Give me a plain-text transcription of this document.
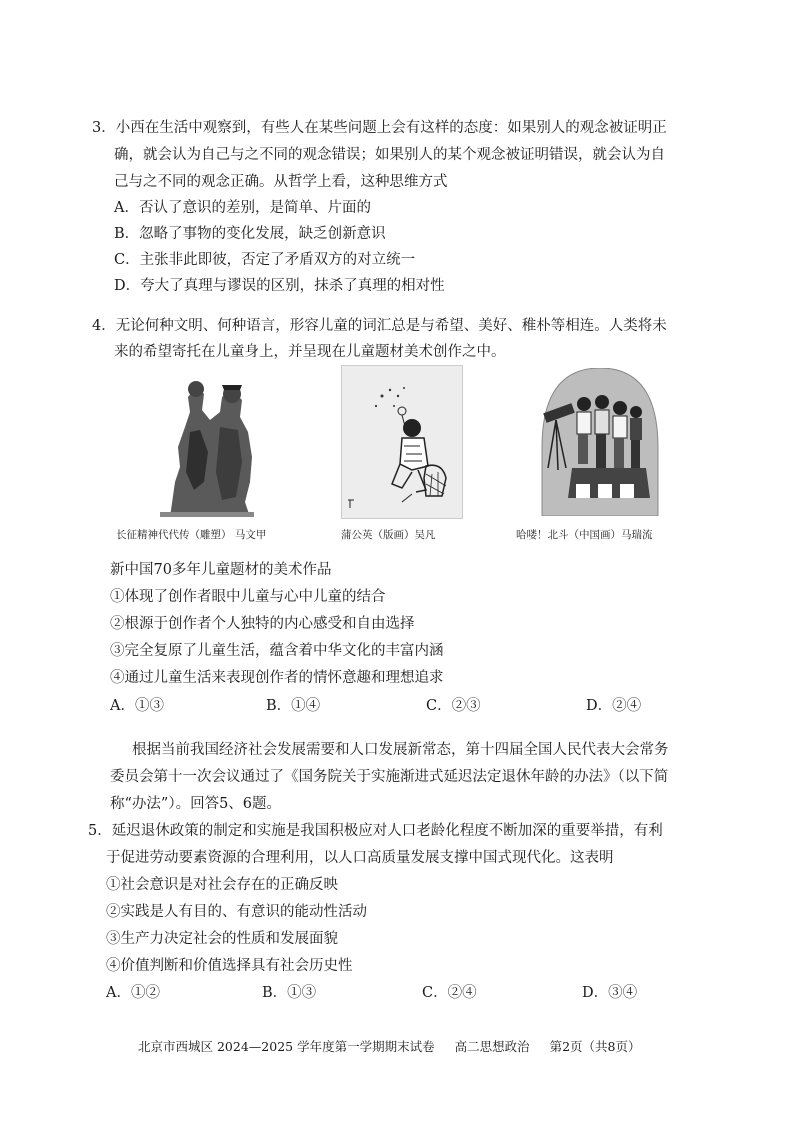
3．小西在生活中观察到，有些人在某些问题上会有这样的态度：如果别人的观念被证明正
确，就会认为自己与之不同的观念错误；如果别人的某个观念被证明错误，就会认为自
己与之不同的观念正确。从哲学上看，这种思维方式
A．否认了意识的差别，是简单、片面的
B．忽略了事物的变化发展，缺乏创新意识
C．主张非此即彼，否定了矛盾双方的对立统一
D．夸大了真理与谬误的区别，抹杀了真理的相对性
4．无论何种文明、何种语言，形容儿童的词汇总是与希望、美好、稚朴等相连。人类将未
来的希望寄托在儿童身上，并呈现在儿童题材美术创作之中。
长征精神代代传（雕塑） 马文甲	蒲公英（版画）吴凡	哈喽！北斗（中国画）马瑞流
新中国70多年儿童题材的美术作品
①体现了创作者眼中儿童与心中儿童的结合
②根源于创作者个人独特的内心感受和自由选择
③完全复原了儿童生活，蕴含着中华文化的丰富内涵
④通过儿童生活来表现创作者的情怀意趣和理想追求
A．①③	B．①④	C．②③	D．②④
根据当前我国经济社会发展需要和人口发展新常态，第十四届全国人民代表大会常务
委员会第十一次会议通过了《国务院关于实施渐进式延迟法定退休年龄的办法》（以下简
称“办法”）。回答5、6题。
5．延迟退休政策的制定和实施是我国积极应对人口老龄化程度不断加深的重要举措，有利
于促进劳动要素资源的合理利用，以人口高质量发展支撑中国式现代化。这表明
①社会意识是对社会存在的正确反映
②实践是人有目的、有意识的能动性活动
③生产力决定社会的性质和发展面貌
④价值判断和价值选择具有社会历史性
A．①②	B．①③	C．②④	D．③④
北京市西城区 2024—2025 学年度第一学期期末试卷 高二思想政治 第2页（共8页）
